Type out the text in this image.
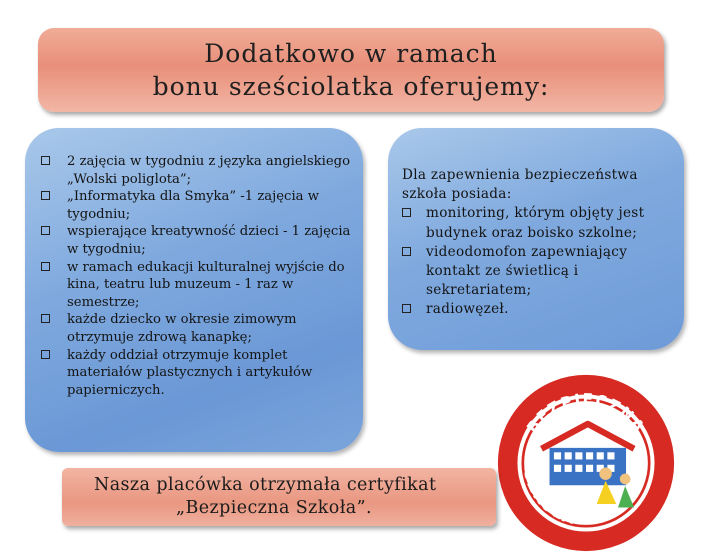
Dodatkowo w ramach
bonu sześciolatka oferujemy:
2 zajęcia w tygodniu z języka angielskiego „Wolski poliglota”;
„Informatyka dla Smyka” -1 zajęcia w tygodniu;
wspierające kreatywność dzieci - 1 zajęcia w tygodniu;
w ramach edukacji kulturalnej wyjście do kina, teatru lub muzeum - 1 raz w semestrze;
każde dziecko w okresie zimowym otrzymuje zdrową kanapkę;
każdy oddział otrzymuje komplet materiałów plastycznych i artykułów papierniczych.
Dla zapewnienia bezpieczeństwa szkoła posiada:
monitoring, którym objęty jest budynek oraz boisko szkolne;
videodomofon zapewniający kontakt ze świetlicą i sekretariatem;
radiowęzeł.
BEZPIECZNA
SZKOŁA
Nasza placówka otrzymała certyfikat
„Bezpieczna Szkoła”.
